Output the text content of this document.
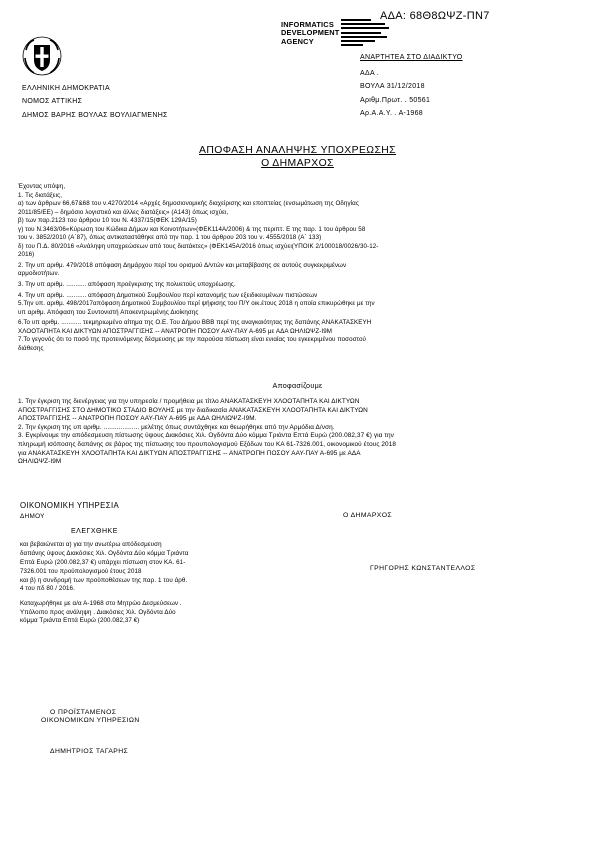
ΑΔΑ: 68Θ8ΩΨΖ-ΠΝ7
INFORMATICS
DEVELOPMENT
AGENCY
ΑΝΑΡΤΗΤΕΑ ΣΤΟ ΔΙΑΔΙΚΤΥΟ
ΕΛΛΗΝΙΚΗ ΔΗΜΟΚΡΑΤΙΑ
ΝΟΜΟΣ ΑΤΤΙΚΗΣ
ΔΗΜΟΣ ΒΑΡΗΣ ΒΟΥΛΑΣ ΒΟΥΛΙΑΓΜΕΝΗΣ
ΑΔΑ .
ΒΟΥΛΑ 31/12/2018
Αριθμ.Πρωτ. . 50561
Αρ.Α.Α.Υ. . Α-1968
ΑΠΟΦΑΣΗ ΑΝΑΛΗΨΗΣ ΥΠΟΧΡΕΩΣΗΣ
Ο ΔΗΜΑΡΧΟΣ
Έχοντας υπόψη,
1. Τις διατάξεις,
α) των άρθρων 66,67&68 του ν.4270/2014 «Αρχές δημοσιονομικής διαχείρισης και εποπτείας (ενσωμάτωση της Οδηγίας
2011/85/ΕΕ) – δημόσιο λογιστικό και άλλες διατάξεις» (Α143) όπως ισχύει,
β) των παρ.2123 του άρθρου 10 του Ν. 4337/15(ΦΕΚ 129Α/15)
γ) του Ν.3463/06«Κύρωση του Κώδικα Δήμων και Κοινοτήτων»(ΦΕΚ114Α/2006) & της περιπτ. Ε της παρ. 1 του άρθρου 58
του ν. 3852/2010 (Α΄87), όπως αντικαταστάθηκε από την παρ. 1 του άρθρου 203 του ν. 4555/2018 (Α΄ 133)
δ) του Π.Δ. 80/2016 «Ανάληψη υποχρεώσεων από τους διατάκτες» (ΦΕΚ145Α/2016 όπως ισχύει(ΥΠΟΙΚ 2/100018/0026/30-12-
2016)
2. Την υπ αριθμ. 479/2018 απόφαση Δημάρχου περί του ορισμού Δ/ντών και μεταβίβασης σε αυτούς συγκεκριμένων
αρμοδιοτήτων.
3. Την υπ αριθμ. ........... απόφαση προέγκρισης της πολυετούς υποχρέωσης.
4. Την υπ αριθμ. ........... απόφαση Δημοτικού Συμβουλίου περί κατανομής των εξειδικευμένων πιστώσεων
5.Την υπ. αριθμ. 498/2017απόφαση Δημοτικού Συμβουλίου περί ψήφισης του Π/Υ οικ.έτους 2018 η οποία επικυρώθηκε με την
υπ αριθμ. Απόφαση του Συντονιστή Αποκεντρωμένης Διοίκησης
6.Το υπ αριθμ. ........... τεκμηριωμένο αίτημα της Ο.Ε. Του Δήμου ΒΒΒ περί της αναγκαιότητας της δαπάνης ΑΝΑΚΑΤΑΣΚΕΥΗ
ΧΛΟΟΤΑΠΗΤΑ ΚΑΙ ΔΙΚΤΥΩΝ ΑΠΟΣΤΡΑΓΓΙΣΗΣ -- ΑΝΑΤΡΟΠΗ ΠΟΣΟΥ ΑΑΥ-ΠΑΥ Α-695 με ΑΔΑ ΩΗΛΙΩΨΖ-Ι9Μ
7.Το γεγονός ότι το ποσό της προτεινόμενης δέσμευσης με την παρούσα πίστωση είναι ενιαίας του εγκεκριμένου ποσοστού
διάθεσης
Αποφασίζουμε
1. Την έγκριση της διενέργειας για την υπηρεσία / προμήθεια με τίτλο ΑΝΑΚΑΤΑΣΚΕΥΗ ΧΛΟΟΤΑΠΗΤΑ ΚΑΙ ΔΙΚΤΥΩΝ
ΑΠΟΣΤΡΑΓΓΙΣΗΣ ΣΤΟ ΔΗΜΟΤΙΚΟ ΣΤΑΔΙΟ ΒΟΥΛΗΣ με την διαδικασία ΑΝΑΚΑΤΑΣΚΕΥΗ ΧΛΟΟΤΑΠΗΤΑ ΚΑΙ ΔΙΚΤΥΩΝ
ΑΠΟΣΤΡΑΓΓΙΣΗΣ -- ΑΝΑΤΡΟΠΗ ΠΟΣΟΥ ΑΑΥ-ΠΑΥ Α-695 με ΑΔΑ ΩΗΛΙΩΨΖ-Ι9Μ.
2. Την έγκριση της υπ αριθμ. ................... μελέτης όπως συντάχθηκε και θεωρήθηκε από την Αρμόδια Δ/νση.
3. Εγκρίνουμε την απόδεσμευση πίστωσης ύψους Διακόσιες Χιλ. Ογδόντα Δύο κόμμα Τριάντα Επτά Ευρώ (200.082,37 €) για την
πληρωμή ισόποσης δαπάνης σε βάρος της πίστωσης του προυπολογισμού Εξόδων του ΚΑ 61-7326.001, οικονομικού έτους 2018
για ΑΝΑΚΑΤΑΣΚΕΥΗ ΧΛΟΟΤΑΠΗΤΑ ΚΑΙ ΔΙΚΤΥΩΝ ΑΠΟΣΤΡΑΓΓΙΣΗΣ -- ΑΝΑΤΡΟΠΗ ΠΟΣΟΥ ΑΑΥ-ΠΑΥ Α-695 με ΑΔΑ
ΩΗΛΙΩΨΖ-Ι9Μ
ΟΙΚΟΝΟΜΙΚΗ ΥΠΗΡΕΣΙΑ
ΔΗΜΟΥ	Ο ΔΗΜΑΡΧΟΣ
ΕΛΕΓΧΘΗΚΕ
και βεβαιώνεται α) για την ανωτέρω απόδεσμευση
δαπάνης ύψους Διακόσιες Χιλ. Ογδόντα Δύο κόμμα Τριάντα
Επτά Ευρώ (200.082,37 €) υπάρχει πίστωση στον ΚΑ. 61-
7326.001 του προϋπολογισμού έτους 2018	ΓΡΗΓΟΡΗΣ ΚΩΝΣΤΑΝΤΕΛΛΟΣ
και β) η συνδρομή των προϋποθέσεων της παρ. 1 του άρθ.
4 του πδ 80 / 2016.
Καταχωρήθηκε με α/α Α-1968 στο Μητρώο Δεσμεύσεων .
Υπόλοιπο προς ανάληψη . Διακόσιες Χιλ. Ογδόντα Δύο
κόμμα Τριάντα Επτά Ευρώ (200.082,37 €)
Ο ΠΡΟΪΣΤΑΜΕΝΟΣ
ΟΙΚΟΝΟΜΙΚΩΝ ΥΠΗΡΕΣΙΩΝ
ΔΗΜΗΤΡΙΟΣ ΤΑΓΑΡΗΣ
